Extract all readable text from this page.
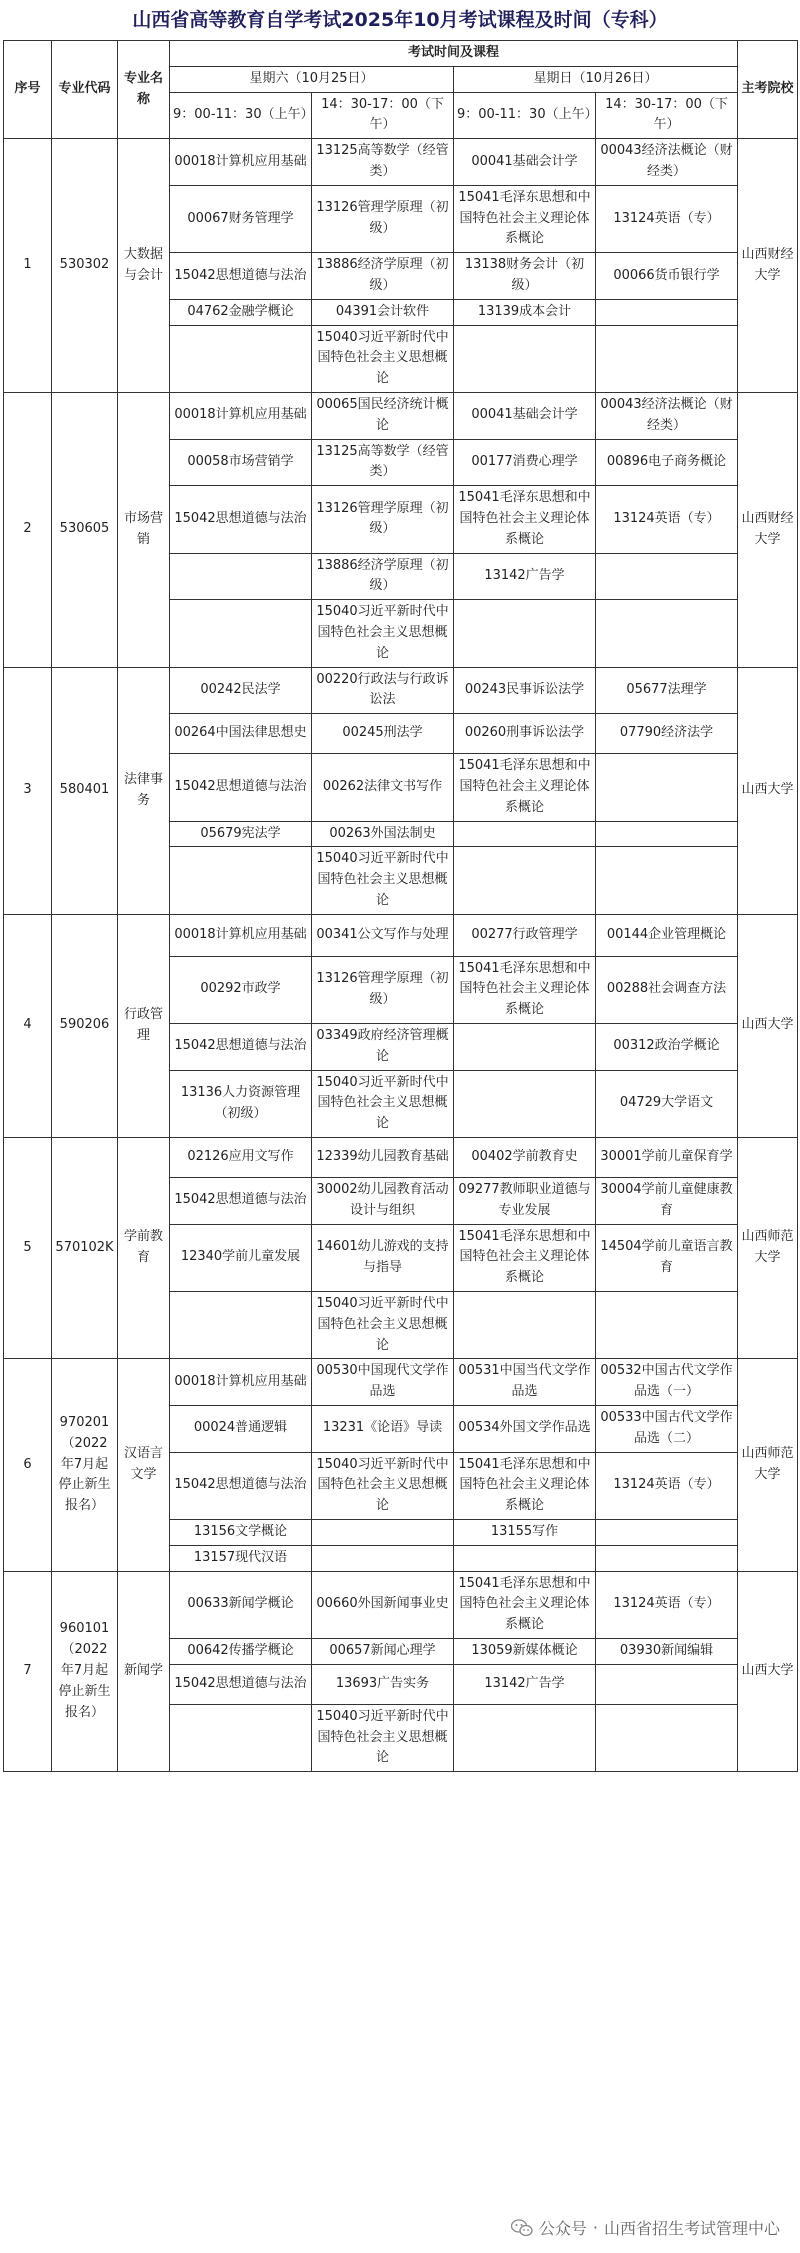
山西省高等教育自学考试2025年10月考试课程及时间（专科）
序号	专业代码	专业名称	考试时间及课程				主考院校
			星期六（10月25日）		星期日（10月26日）		
			9：00-11：30（上午）	14：30-17：00（下午）	9：00-11：30（上午）	14：30-17：00（下午）	
1	530302	大数据与会计	00018计算机应用基础	13125高等数学（经管类）	00041基础会计学	00043经济法概论（财经类）	山西财经大学
			00067财务管理学	13126管理学原理（初级）	15041毛泽东思想和中国特色社会主义理论体系概论	13124英语（专）	
			15042思想道德与法治	13886经济学原理（初级）	13138财务会计（初级）	00066货币银行学	
			04762金融学概论	04391会计软件	13139成本会计		
				15040习近平新时代中国特色社会主义思想概论			
2	530605	市场营销	00018计算机应用基础	00065国民经济统计概论	00041基础会计学	00043经济法概论（财经类）	山西财经大学
			00058市场营销学	13125高等数学（经管类）	00177消费心理学	00896电子商务概论	
			15042思想道德与法治	13126管理学原理（初级）	15041毛泽东思想和中国特色社会主义理论体系概论	13124英语（专）	
				13886经济学原理（初级）	13142广告学		
				15040习近平新时代中国特色社会主义思想概论			
3	580401	法律事务	00242民法学	00220行政法与行政诉讼法	00243民事诉讼法学	05677法理学	山西大学
			00264中国法律思想史	00245刑法学	00260刑事诉讼法学	07790经济法学	
			15042思想道德与法治	00262法律文书写作	15041毛泽东思想和中国特色社会主义理论体系概论		
			05679宪法学	00263外国法制史			
				15040习近平新时代中国特色社会主义思想概论			
4	590206	行政管理	00018计算机应用基础	00341公文写作与处理	00277行政管理学	00144企业管理概论	山西大学
			00292市政学	13126管理学原理（初级）	15041毛泽东思想和中国特色社会主义理论体系概论	00288社会调查方法	
			15042思想道德与法治	03349政府经济管理概论		00312政治学概论	
			13136人力资源管理（初级）	15040习近平新时代中国特色社会主义思想概论		04729大学语文	
5	570102K	学前教育	02126应用文写作	12339幼儿园教育基础	00402学前教育史	30001学前儿童保育学	山西师范大学
			15042思想道德与法治	30002幼儿园教育活动设计与组织	09277教师职业道德与专业发展	30004学前儿童健康教育	
			12340学前儿童发展	14601幼儿游戏的支持与指导	15041毛泽东思想和中国特色社会主义理论体系概论	14504学前儿童语言教育	
				15040习近平新时代中国特色社会主义思想概论			
6	970201（2022年7月起停止新生报名）	汉语言文学	00018计算机应用基础	00530中国现代文学作品选	00531中国当代文学作品选	00532中国古代文学作品选（一）	山西师范大学
			00024普通逻辑	13231《论语》导读	00534外国文学作品选	00533中国古代文学作品选（二）	
			15042思想道德与法治	15040习近平新时代中国特色社会主义思想概论	15041毛泽东思想和中国特色社会主义理论体系概论	13124英语（专）	
			13156文学概论		13155写作		
			13157现代汉语				
7	960101（2022年7月起停止新生报名）	新闻学	00633新闻学概论	00660外国新闻事业史	15041毛泽东思想和中国特色社会主义理论体系概论	13124英语（专）	山西大学
			00642传播学概论	00657新闻心理学	13059新媒体概论	03930新闻编辑	
			15042思想道德与法治	13693广告实务	13142广告学		
				15040习近平新时代中国特色社会主义思想概论			
公众号 · 山西省招生考试管理中心
